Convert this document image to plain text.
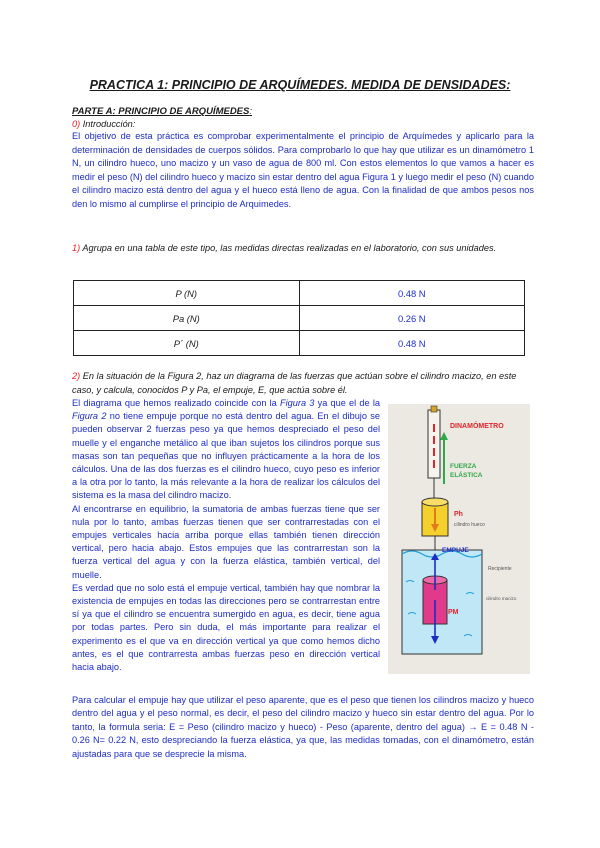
PRACTICA 1: PRINCIPIO DE ARQUÍMEDES. MEDIDA DE DENSIDADES:
PARTE A: PRINCIPIO DE ARQUÍMEDES:
0) Introducción:
El objetivo de esta práctica es comprobar experimentalmente el principio de Arquímedes y aplicarlo para la determinación de densidades de cuerpos sólidos. Para comprobarlo lo que hay que utilizar es un dinamómetro 1 N, un cilindro hueco, uno macizo y un vaso de agua de 800 ml. Con estos elementos lo que vamos a hacer es medir el peso (N) del cilindro hueco y macizo sin estar dentro del agua Figura 1 y luego medir el peso (N) cuando el cilindro macizo está dentro del agua y el hueco está lleno de agua. Con la finalidad de que ambos pesos nos den lo mismo al cumplirse el principio de Arquimedes.
1) Agrupa en una tabla de este tipo, las medidas directas realizadas en el laboratorio, con sus unidades.
P (N)	0.48 N
Pa (N)	0.26 N
P´ (N)	0.48 N
2) En la situación de la Figura 2, haz un diagrama de las fuerzas que actúan sobre el cilindro macizo, en este caso, y calcula, conocidos P y Pa, el empuje, E, que actúa sobre él.

El diagrama que hemos realizado coincide con la Figura 3 ya que el de la Figura 2 no tiene empuje porque no está dentro del agua. En el dibujo se pueden observar 2 fuerzas peso ya que hemos despreciado el peso del muelle y el enganche metálico al que iban sujetos los cilindros porque sus masas son tan pequeñas que no influyen prácticamente a la hora de los cálculos. Una de las dos fuerzas es el cilindro hueco, cuyo peso es inferior a la otra por lo tanto, la más relevante a la hora de realizar los cálculos del sistema es la masa del cilindro macizo.

Al encontrarse en equilibrio, la sumatoria de ambas fuerzas tiene que ser nula por lo tanto, ambas fuerzas tienen que ser contrarrestadas con el empujes verticales hacia arriba porque ellas también tienen dirección vertical, pero hacia abajo. Estos empujes que las contrarrestan son la fuerza vertical del agua y con la fuerza elástica, también vertical, del muelle.

Es verdad que no solo está el empuje vertical, también hay que nombrar la existencia de empujes en todas las direcciones pero se contrarrestan entre sí ya que el cilindro se encuentra sumergido en agua, es decir, tiene agua por todas partes. Pero sin duda, el más importante para realizar el experimento es el que va en dirección vertical ya que como hemos dicho antes, es el que contrarresta ambas fuerzas peso en dirección vertical hacia abajo.

Para calcular el empuje hay que utilizar el peso aparente, que es el peso que tienen los cilindros macizo y hueco dentro del agua y el peso normal, es decir, el peso del cilindro macizo y hueco sin estar dentro del agua. Por lo tanto, la formula seria: E = Peso (cilindro macizo y hueco) - Peso (aparente, dentro del agua) → E = 0.48 N - 0.26 N= 0.22 N, esto despreciando la fuerza elástica, ya que, las medidas tomadas, con el dinamómetro, están ajustadas para que se desprecie la misma.
DINAMÓMETRO
FUERZA
ELÁSTICA
Ph
cilindro hueco
EMPUJE
PM
Recipiente
cilindro macizo
